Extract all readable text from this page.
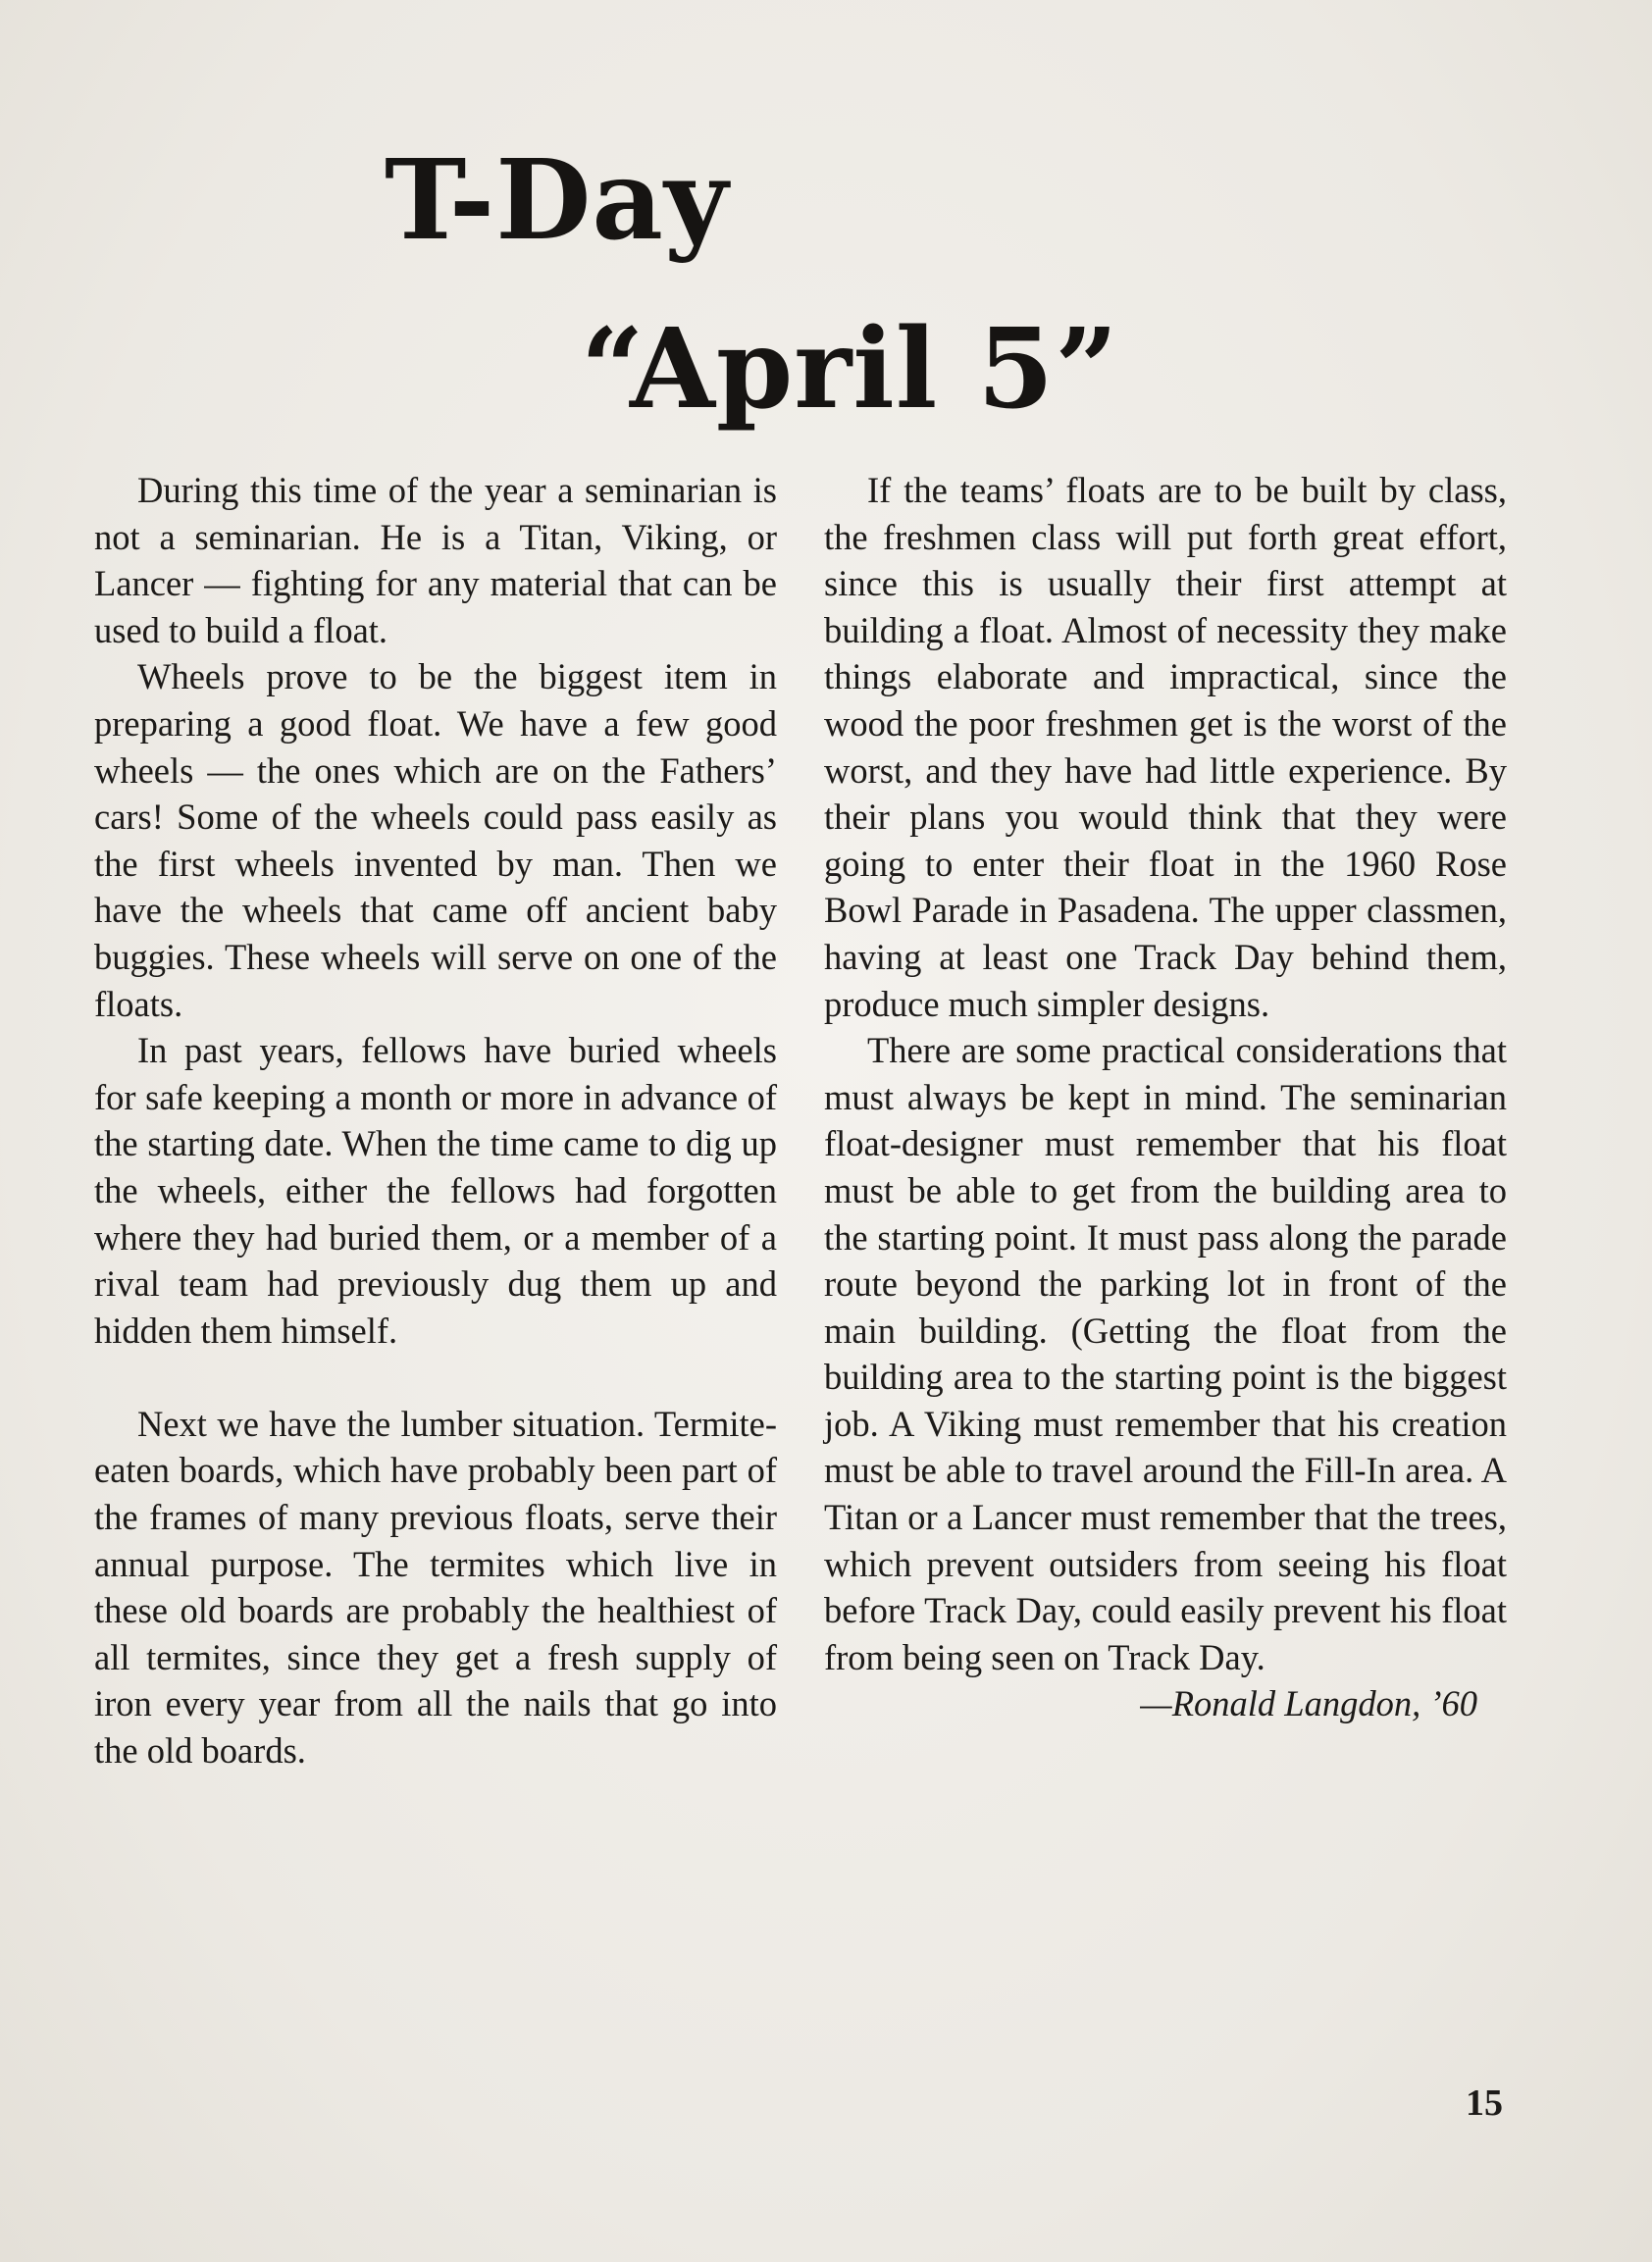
T-Day
“April 5”

During this time of the year a seminarian is not a seminarian. He is a Titan, Viking, or Lancer — fighting for any material that can be used to build a float.

Wheels prove to be the biggest item in preparing a good float. We have a few good wheels — the ones which are on the Fathers’ cars! Some of the wheels could pass easily as the first wheels invented by man. Then we have the wheels that came off ancient baby buggies. These wheels will serve on one of the floats.

In past years, fellows have buried wheels for safe keeping a month or more in advance of the starting date. When the time came to dig up the wheels, either the fellows had forgotten where they had buried them, or a member of a rival team had previously dug them up and hidden them himself.

Next we have the lumber situation. Termite-eaten boards, which have probably been part of the frames of many previous floats, serve their annual purpose. The termites which live in these old boards are probably the healthiest of all termites, since they get a fresh supply of iron every year from all the nails that go into the old boards.

If the teams’ floats are to be built by class, the freshmen class will put forth great effort, since this is usually their first attempt at building a float. Almost of necessity they make things elaborate and impractical, since the wood the poor freshmen get is the worst of the worst, and they have had little experience. By their plans you would think that they were going to enter their float in the 1960 Rose Bowl Parade in Pasadena. The upper classmen, having at least one Track Day behind them, produce much simpler designs.

There are some practical considerations that must always be kept in mind. The seminarian float-designer must remember that his float must be able to get from the building area to the starting point. It must pass along the parade route beyond the parking lot in front of the main building. (Getting the float from the building area to the starting point is the biggest job. A Viking must remember that his creation must be able to travel around the Fill-In area. A Titan or a Lancer must remember that the trees, which prevent outsiders from seeing his float before Track Day, could easily prevent his float from being seen on Track Day.

—Ronald Langdon, ’60

15
